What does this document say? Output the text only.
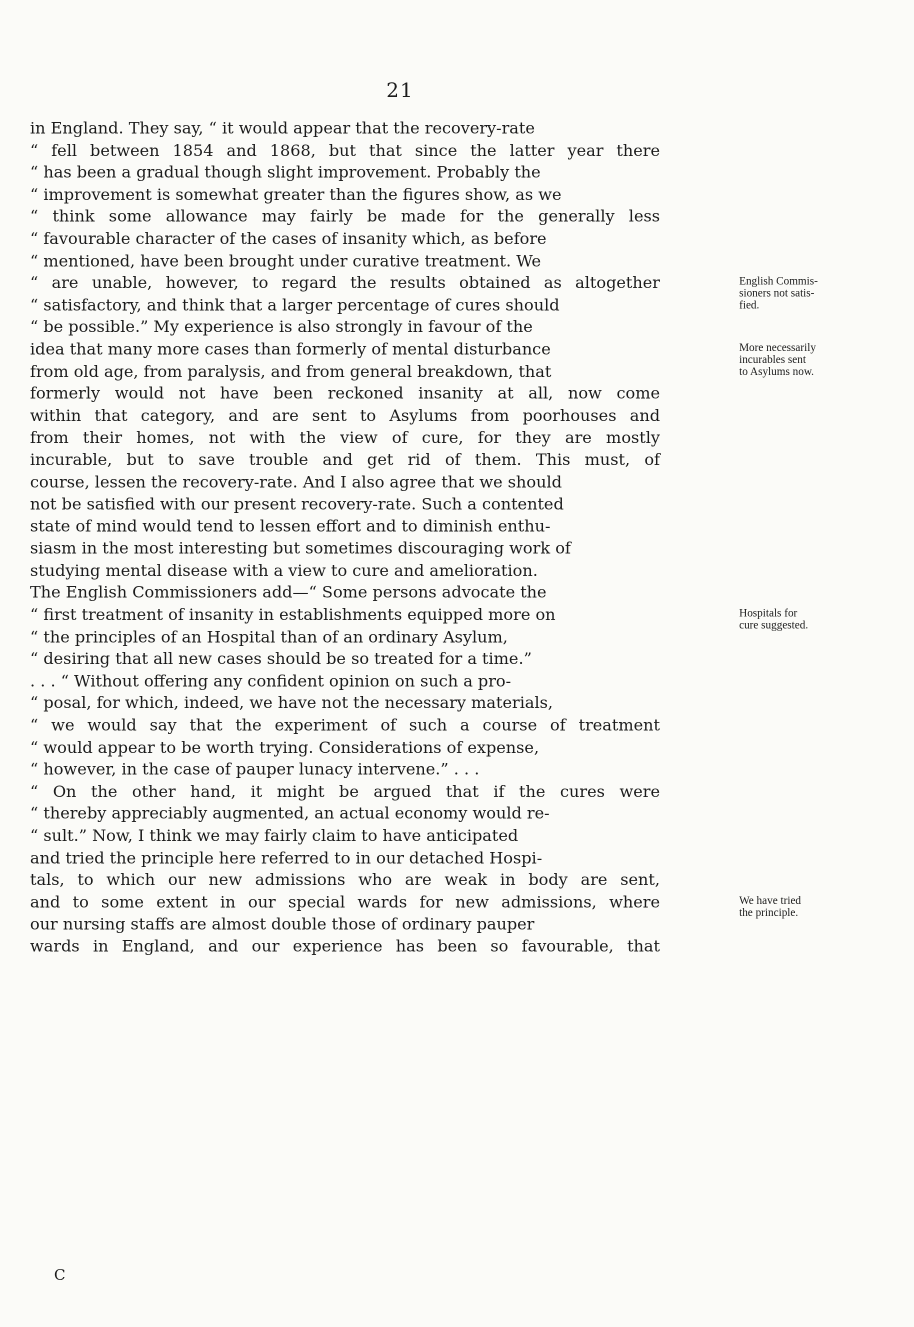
21
in England. They say, “ it would appear that the recovery-rate
“ fell between 1854 and 1868, but that since the latter year there
“ has been a gradual though slight improvement. Probably the
“ improvement is somewhat greater than the figures show, as we
“ think some allowance may fairly be made for the generally less
“ favourable character of the cases of insanity which, as before
“ mentioned, have been brought under curative treatment. We
“ are unable, however, to regard the results obtained as altogether
“ satisfactory, and think that a larger percentage of cures should
“ be possible.” My experience is also strongly in favour of the
idea that many more cases than formerly of mental disturbance
from old age, from paralysis, and from general breakdown, that
formerly would not have been reckoned insanity at all, now come
within that category, and are sent to Asylums from poorhouses and
from their homes, not with the view of cure, for they are mostly
incurable, but to save trouble and get rid of them. This must, of
course, lessen the recovery-rate. And I also agree that we should
not be satisfied with our present recovery-rate. Such a contented
state of mind would tend to lessen effort and to diminish enthu-
siasm in the most interesting but sometimes discouraging work of
studying mental disease with a view to cure and amelioration.
The English Commissioners add—“ Some persons advocate the
“ first treatment of insanity in establishments equipped more on
“ the principles of an Hospital than of an ordinary Asylum,
“ desiring that all new cases should be so treated for a time.”
. . . “ Without offering any confident opinion on such a pro-
“ posal, for which, indeed, we have not the necessary materials,
“ we would say that the experiment of such a course of treatment
“ would appear to be worth trying. Considerations of expense,
“ however, in the case of pauper lunacy intervene.” . . .
“ On the other hand, it might be argued that if the cures were
“ thereby appreciably augmented, an actual economy would re-
“ sult.” Now, I think we may fairly claim to have anticipated
and tried the principle here referred to in our detached Hospi-
tals, to which our new admissions who are weak in body are sent,
and to some extent in our special wards for new admissions, where
our nursing staffs are almost double those of ordinary pauper
wards in England, and our experience has been so favourable, that
English Commis-
sioners not satis-
fied.
More necessarily
incurables sent
to Asylums now.
Hospitals for
cure suggested.
We have tried
the principle.
C
